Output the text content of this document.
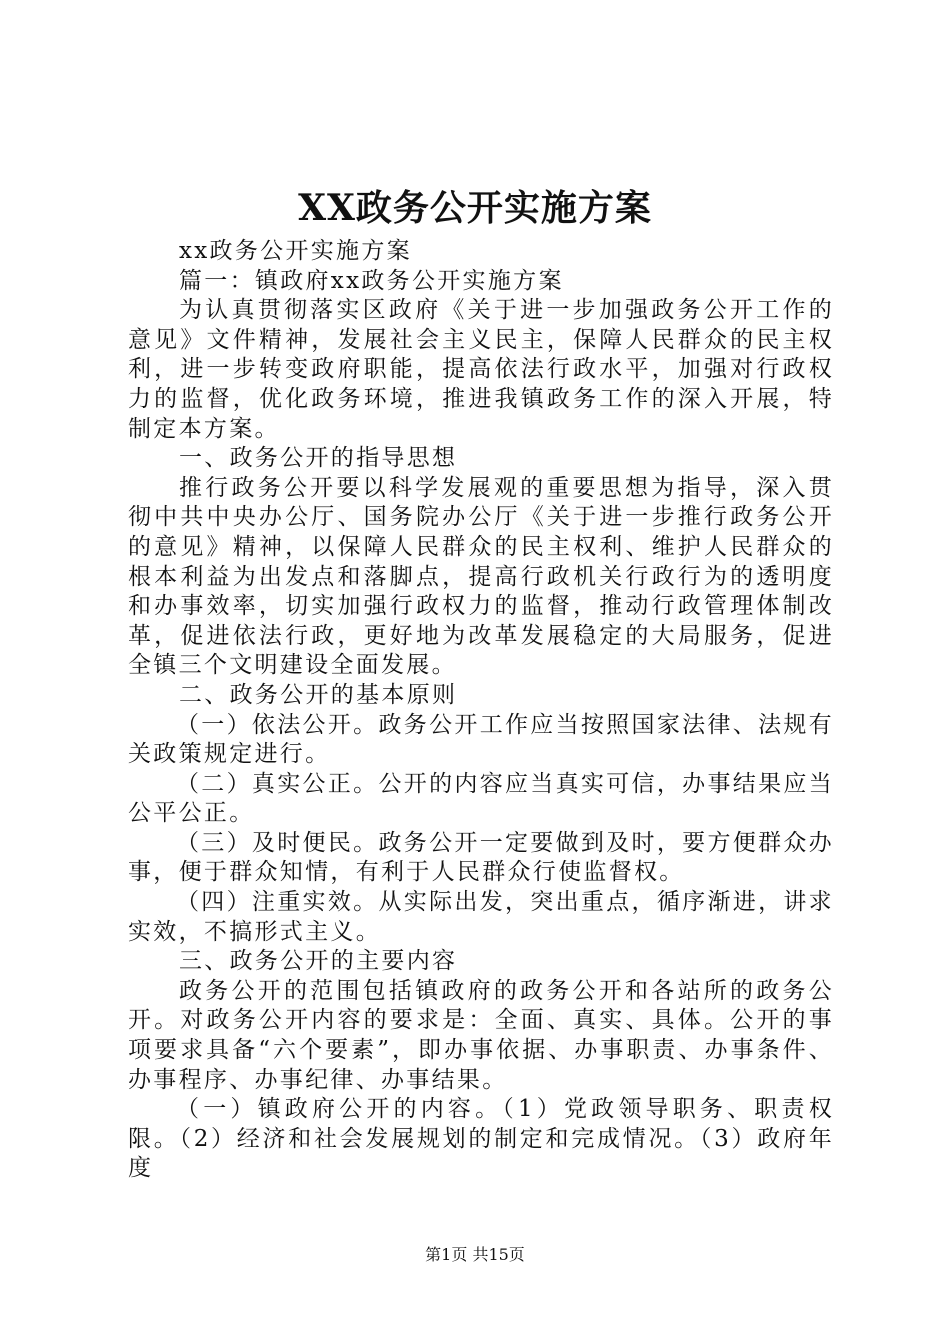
XX政务公开实施方案

xx政务公开实施方案

篇一：镇政府xx政务公开实施方案

为认真贯彻落实区政府《关于进一步加强政务公开工作的意见》文件精神，发展社会主义民主，保障人民群众的民主权利，进一步转变政府职能，提高依法行政水平，加强对行政权力的监督，优化政务环境，推进我镇政务工作的深入开展，特制定本方案。

一、政务公开的指导思想

推行政务公开要以科学发展观的重要思想为指导，深入贯彻中共中央办公厅、国务院办公厅《关于进一步推行政务公开的意见》精神，以保障人民群众的民主权利、维护人民群众的根本利益为出发点和落脚点，提高行政机关行政行为的透明度和办事效率，切实加强行政权力的监督，推动行政管理体制改革，促进依法行政，更好地为改革发展稳定的大局服务，促进全镇三个文明建设全面发展。

二、政务公开的基本原则

（一）依法公开。政务公开工作应当按照国家法律、法规有关政策规定进行。

（二）真实公正。公开的内容应当真实可信，办事结果应当公平公正。

（三）及时便民。政务公开一定要做到及时，要方便群众办事，便于群众知情，有利于人民群众行使监督权。

（四）注重实效。从实际出发，突出重点，循序渐进，讲求实效，不搞形式主义。

三、政务公开的主要内容

政务公开的范围包括镇政府的政务公开和各站所的政务公开。对政务公开内容的要求是：全面、真实、具体。公开的事项要求具备“六个要素”，即办事依据、办事职责、办事条件、办事程序、办事纪律、办事结果。

（一）镇政府公开的内容。（1）党政领导职务、职责权限。（2）经济和社会发展规划的制定和完成情况。（3）政府年度

第1页 共15页
